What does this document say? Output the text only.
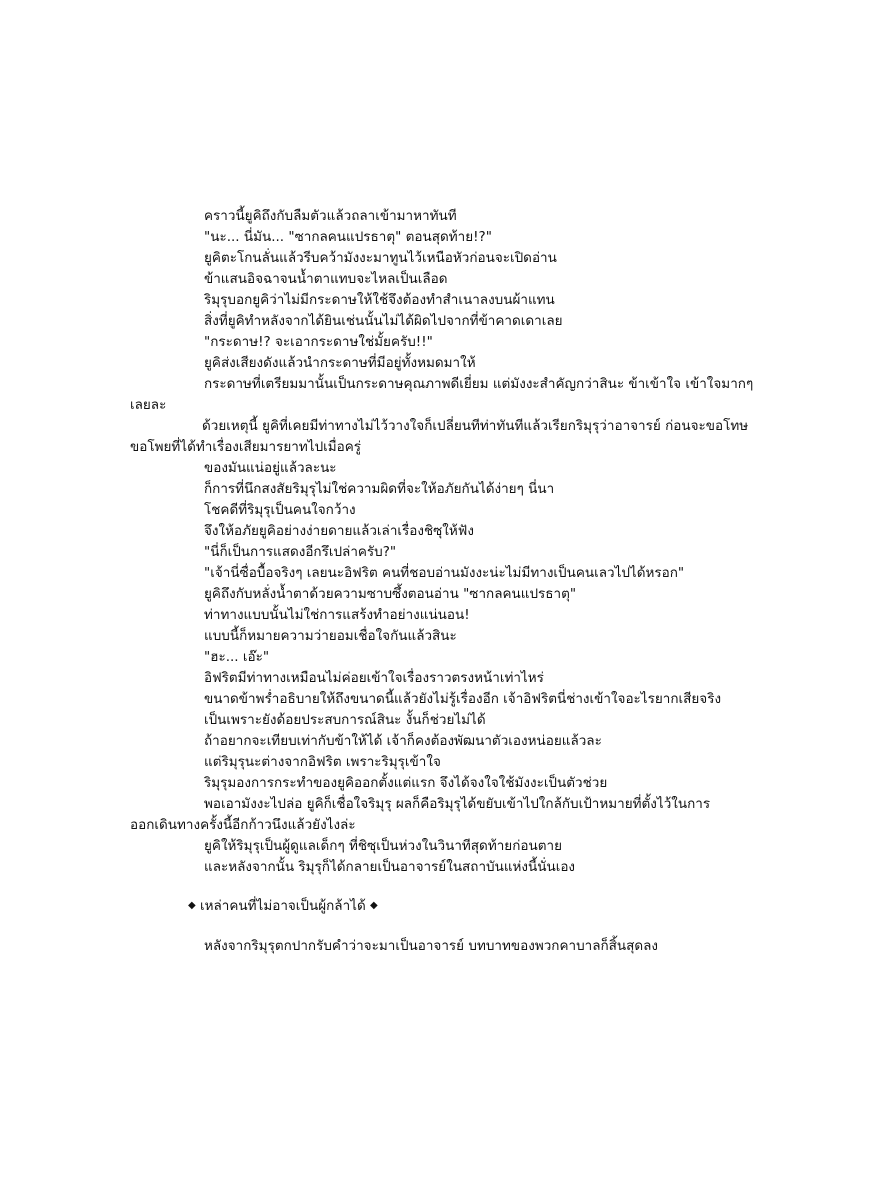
คราวนี้ยูคิถึงกับลืมตัวแล้วถลาเข้ามาหาทันที
"นะ... นี่มัน... "ซากลคนแปรธาตุ" ตอนสุดท้าย!?"
ยูคิตะโกนลั่นแล้วรีบคว้ามังงะมาทูนไว้เหนือหัวก่อนจะเปิดอ่าน
ข้าแสนอิจฉาจนน้ำตาแทบจะไหลเป็นเลือด
ริมุรุบอกยูคิว่าไม่มีกระดาษให้ใช้จึงต้องทำสำเนาลงบนผ้าแทน
สิ่งที่ยูคิทำหลังจากได้ยินเช่นนั้นไม่ได้ผิดไปจากที่ข้าคาดเดาเลย
"กระดาษ!? จะเอากระดาษใช่มั้ยครับ!!"
ยูคิส่งเสียงดังแล้วนำกระดาษที่มีอยู่ทั้งหมดมาให้
กระดาษที่เตรียมมานั้นเป็นกระดาษคุณภาพดีเยี่ยม แต่มังงะสำคัญกว่าสินะ ข้าเข้าใจ เข้าใจมากๆ
เลยละ
ด้วยเหตุนี้ ยูคิที่เคยมีท่าทางไม่ไว้วางใจก็เปลี่ยนทีท่าทันทีแล้วเรียกริมุรุว่าอาจารย์ ก่อนจะขอโทษ
ขอโพยที่ได้ทำเรื่องเสียมารยาทไปเมื่อครู่
ของมันแน่อยู่แล้วละนะ
ก็การที่นึกสงสัยริมุรุไม่ใช่ความผิดที่จะให้อภัยกันได้ง่ายๆ นี่นา
โชคดีที่ริมุรุเป็นคนใจกว้าง
จึงให้อภัยยูคิอย่างง่ายดายแล้วเล่าเรื่องชิซุให้ฟัง
"นี่ก็เป็นการแสดงอีกรึเปล่าครับ?"
"เจ้านี่ซื่อบื้อจริงๆ เลยนะอิฟริต คนที่ชอบอ่านมังงะน่ะไม่มีทางเป็นคนเลวไปได้หรอก"
ยูคิถึงกับหลั่งน้ำตาด้วยความซาบซึ้งตอนอ่าน "ซากลคนแปรธาตุ"
ท่าทางแบบนั้นไม่ใช่การแสร้งทำอย่างแน่นอน!
แบบนี้ก็หมายความว่ายอมเชื่อใจกันแล้วสินะ
"ฮะ... เอ๊ะ"
อิฟริตมีท่าทางเหมือนไม่ค่อยเข้าใจเรื่องราวตรงหน้าเท่าไหร่
ขนาดข้าพร่ำอธิบายให้ถึงขนาดนี้แล้วยังไม่รู้เรื่องอีก เจ้าอิฟริตนี่ช่างเข้าใจอะไรยากเสียจริง
เป็นเพราะยังด้อยประสบการณ์สินะ งั้นก็ช่วยไม่ได้
ถ้าอยากจะเทียบเท่ากับข้าให้ได้ เจ้าก็คงต้องพัฒนาตัวเองหน่อยแล้วละ
แต่ริมุรุนะต่างจากอิฟริต เพราะริมุรุเข้าใจ
ริมุรุมองการกระทำของยูคิออกตั้งแต่แรก จึงได้จงใจใช้มังงะเป็นตัวช่วย
พอเอามังงะไปล่อ ยูคิก็เชื่อใจริมุรุ ผลก็คือริมุรุได้ขยับเข้าไปใกล้กับเป้าหมายที่ตั้งไว้ในการ
ออกเดินทางครั้งนี้อีกก้าวนึงแล้วยังไงล่ะ
ยูคิให้ริมุรุเป็นผู้ดูแลเด็กๆ ที่ชิซุเป็นห่วงในวินาทีสุดท้ายก่อนตาย
และหลังจากนั้น ริมุรุก็ได้กลายเป็นอาจารย์ในสถาบันแห่งนี้นั่นเอง
◆ เหล่าคนที่ไม่อาจเป็นผู้กล้าได้ ◆
หลังจากริมุรุตกปากรับคำว่าจะมาเป็นอาจารย์ บทบาทของพวกคาบาลก็สิ้นสุดลง
